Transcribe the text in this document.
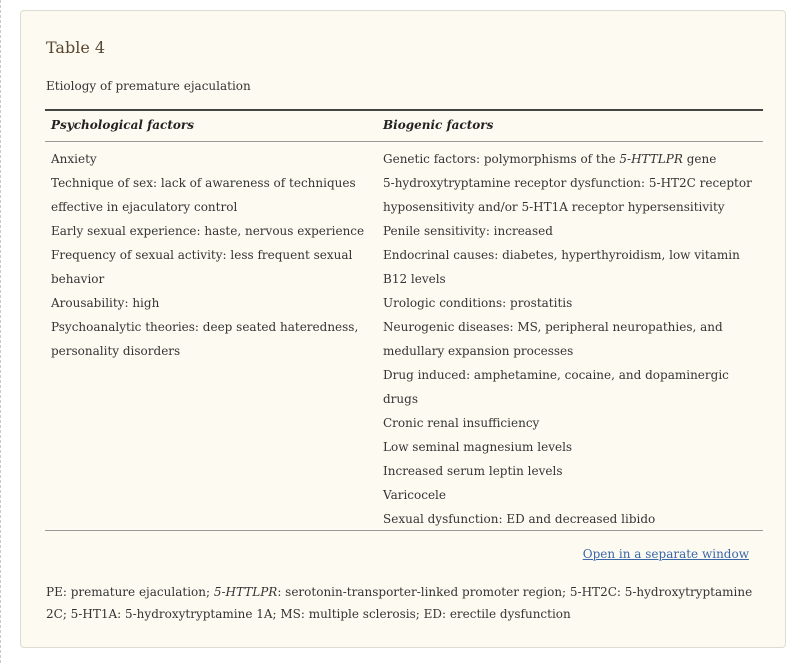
Table 4
Etiology of premature ejaculation
Psychological factors	Biogenic factors
Anxiety
Technique of sex: lack of awareness of techniques
effective in ejaculatory control
Early sexual experience: haste, nervous experience
Frequency of sexual activity: less frequent sexual
behavior
Arousability: high
Psychoanalytic theories: deep seated hateredness,
personality disorders
Genetic factors: polymorphisms of the 5-HTTLPR gene
5-hydroxytryptamine receptor dysfunction: 5-HT2C receptor
hyposensitivity and/or 5-HT1A receptor hypersensitivity
Penile sensitivity: increased
Endocrinal causes: diabetes, hyperthyroidism, low vitamin
B12 levels
Urologic conditions: prostatitis
Neurogenic diseases: MS, peripheral neuropathies, and
medullary expansion processes
Drug induced: amphetamine, cocaine, and dopaminergic
drugs
Cronic renal insufficiency
Low seminal magnesium levels
Increased serum leptin levels
Varicocele
Sexual dysfunction: ED and decreased libido
Open in a separate window
PE: premature ejaculation; 5-HTTLPR: serotonin-transporter-linked promoter region; 5-HT2C: 5-hydroxytryptamine 2C; 5-HT1A: 5-hydroxytryptamine 1A; MS: multiple sclerosis; ED: erectile dysfunction
